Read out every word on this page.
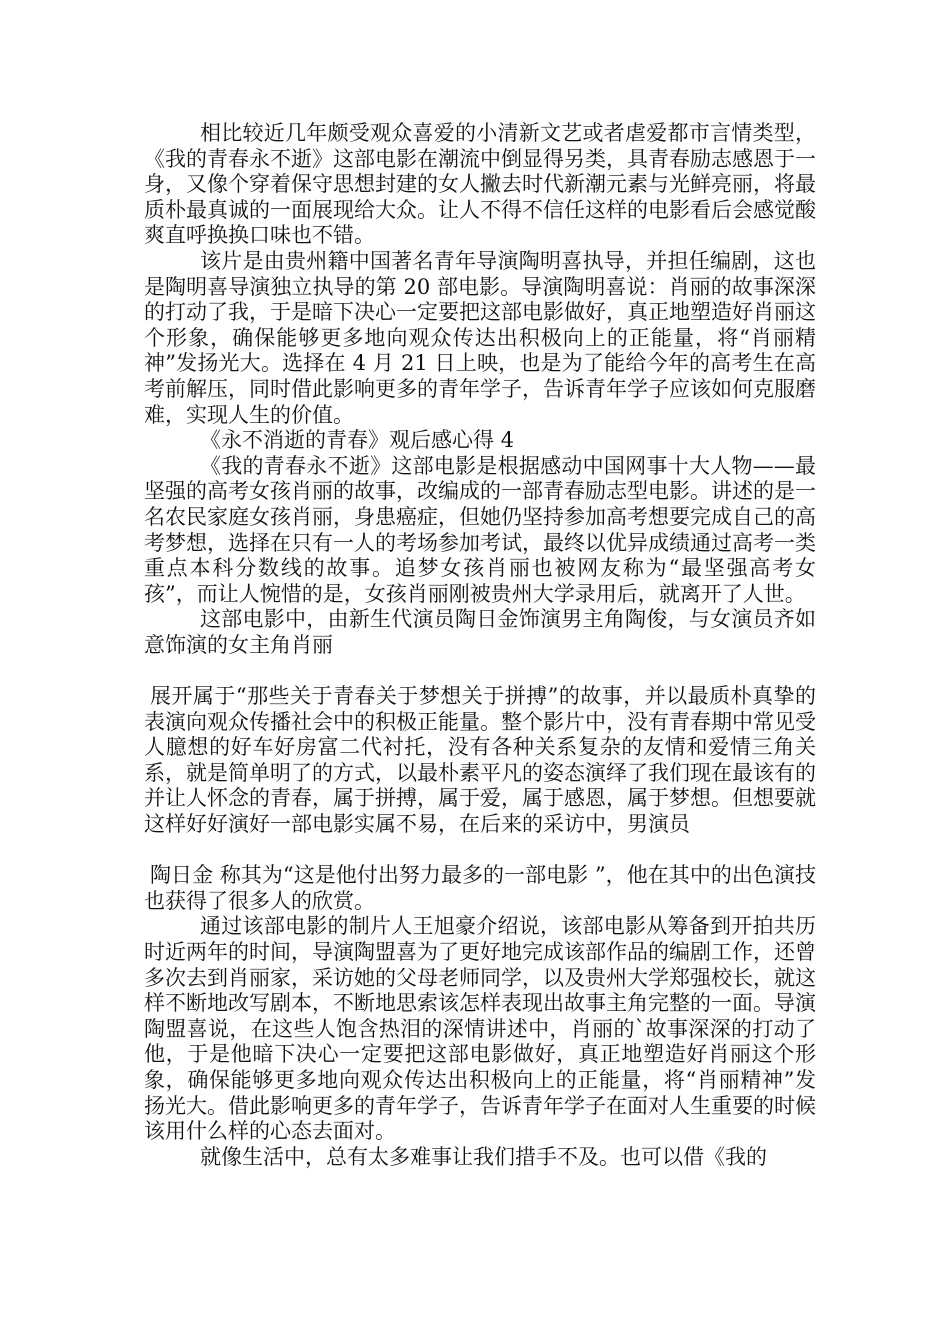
相比较近几年颇受观众喜爱的小清新文艺或者虐爱都市言情类型，《我的青春永不逝》这部电影在潮流中倒显得另类，具青春励志感恩于一身，又像个穿着保守思想封建的女人撇去时代新潮元素与光鲜亮丽，将最质朴最真诚的一面展现给大众。让人不得不信任这样的电影看后会感觉酸爽直呼换换口味也不错。

该片是由贵州籍中国著名青年导演陶明喜执导，并担任编剧，这也是陶明喜导演独立执导的第 20 部电影。导演陶明喜说：肖丽的故事深深的打动了我，于是暗下决心一定要把这部电影做好，真正地塑造好肖丽这个形象，确保能够更多地向观众传达出积极向上的正能量，将“肖丽精神”发扬光大。选择在 4 月 21 日上映，也是为了能给今年的高考生在高考前解压，同时借此影响更多的青年学子，告诉青年学子应该如何克服磨难，实现人生的价值。

《永不消逝的青春》观后感心得 4

《我的青春永不逝》这部电影是根据感动中国网事十大人物——最坚强的高考女孩肖丽的故事，改编成的一部青春励志型电影。讲述的是一名农民家庭女孩肖丽，身患癌症，但她仍坚持参加高考想要完成自己的高考梦想，选择在只有一人的考场参加考试，最终以优异成绩通过高考一类重点本科分数线的故事。追梦女孩肖丽也被网友称为“最坚强高考女孩”，而让人惋惜的是，女孩肖丽刚被贵州大学录用后，就离开了人世。

这部电影中，由新生代演员陶日金饰演男主角陶俊，与女演员齐如意饰演的女主角肖丽

展开属于“那些关于青春关于梦想关于拼搏”的故事，并以最质朴真挚的表演向观众传播社会中的积极正能量。整个影片中，没有青春期中常见受人臆想的好车好房富二代衬托，没有各种关系复杂的友情和爱情三角关系，就是简单明了的方式，以最朴素平凡的姿态演绎了我们现在最该有的并让人怀念的青春，属于拼搏，属于爱，属于感恩，属于梦想。但想要就这样好好演好一部电影实属不易，在后来的采访中，男演员

陶日金 称其为“这是他付出努力最多的一部电影 ”，他在其中的出色演技也获得了很多人的欣赏。

通过该部电影的制片人王旭豪介绍说，该部电影从筹备到开拍共历时近两年的时间，导演陶盟喜为了更好地完成该部作品的编剧工作，还曾多次去到肖丽家，采访她的父母老师同学，以及贵州大学郑强校长，就这样不断地改写剧本，不断地思索该怎样表现出故事主角完整的一面。导演陶盟喜说，在这些人饱含热泪的深情讲述中，肖丽的`故事深深的打动了他，于是他暗下决心一定要把这部电影做好，真正地塑造好肖丽这个形象，确保能够更多地向观众传达出积极向上的正能量，将“肖丽精神”发扬光大。借此影响更多的青年学子，告诉青年学子在面对人生重要的时候该用什么样的心态去面对。

就像生活中，总有太多难事让我们措手不及。也可以借《我的
